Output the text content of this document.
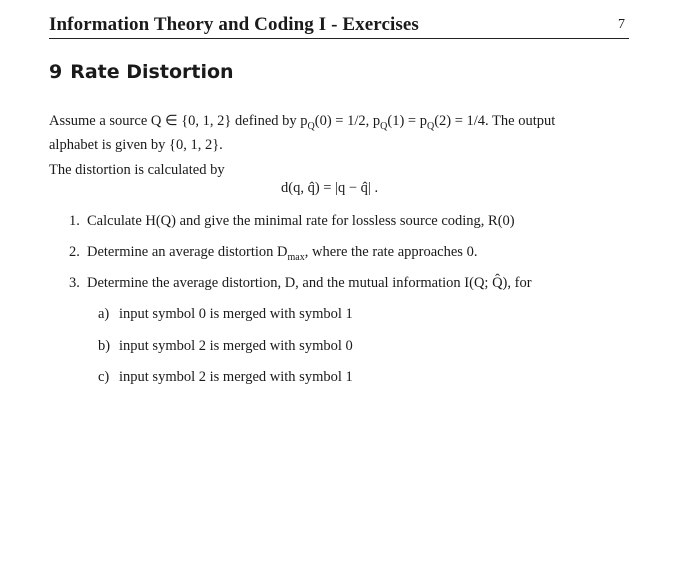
Information Theory and Coding I - Exercises	7
9 Rate Distortion
Assume a source Q ∈ {0, 1, 2} defined by $p_Q(0) = 1/2$, $p_Q(1) = p_Q(2) = 1/4$. The output
alphabet is given by {0, 1, 2}.
The distortion is calculated by
d(q, q̂) = |q − q̂| .
1. Calculate H(Q) and give the minimal rate for lossless source coding, R(0)
2. Determine an average distortion $D_{max}$, where the rate approaches 0.
3. Determine the average distortion, D, and the mutual information I(Q; Q̂), for
a) input symbol 0 is merged with symbol 1
b) input symbol 2 is merged with symbol 0
c) input symbol 2 is merged with symbol 1
